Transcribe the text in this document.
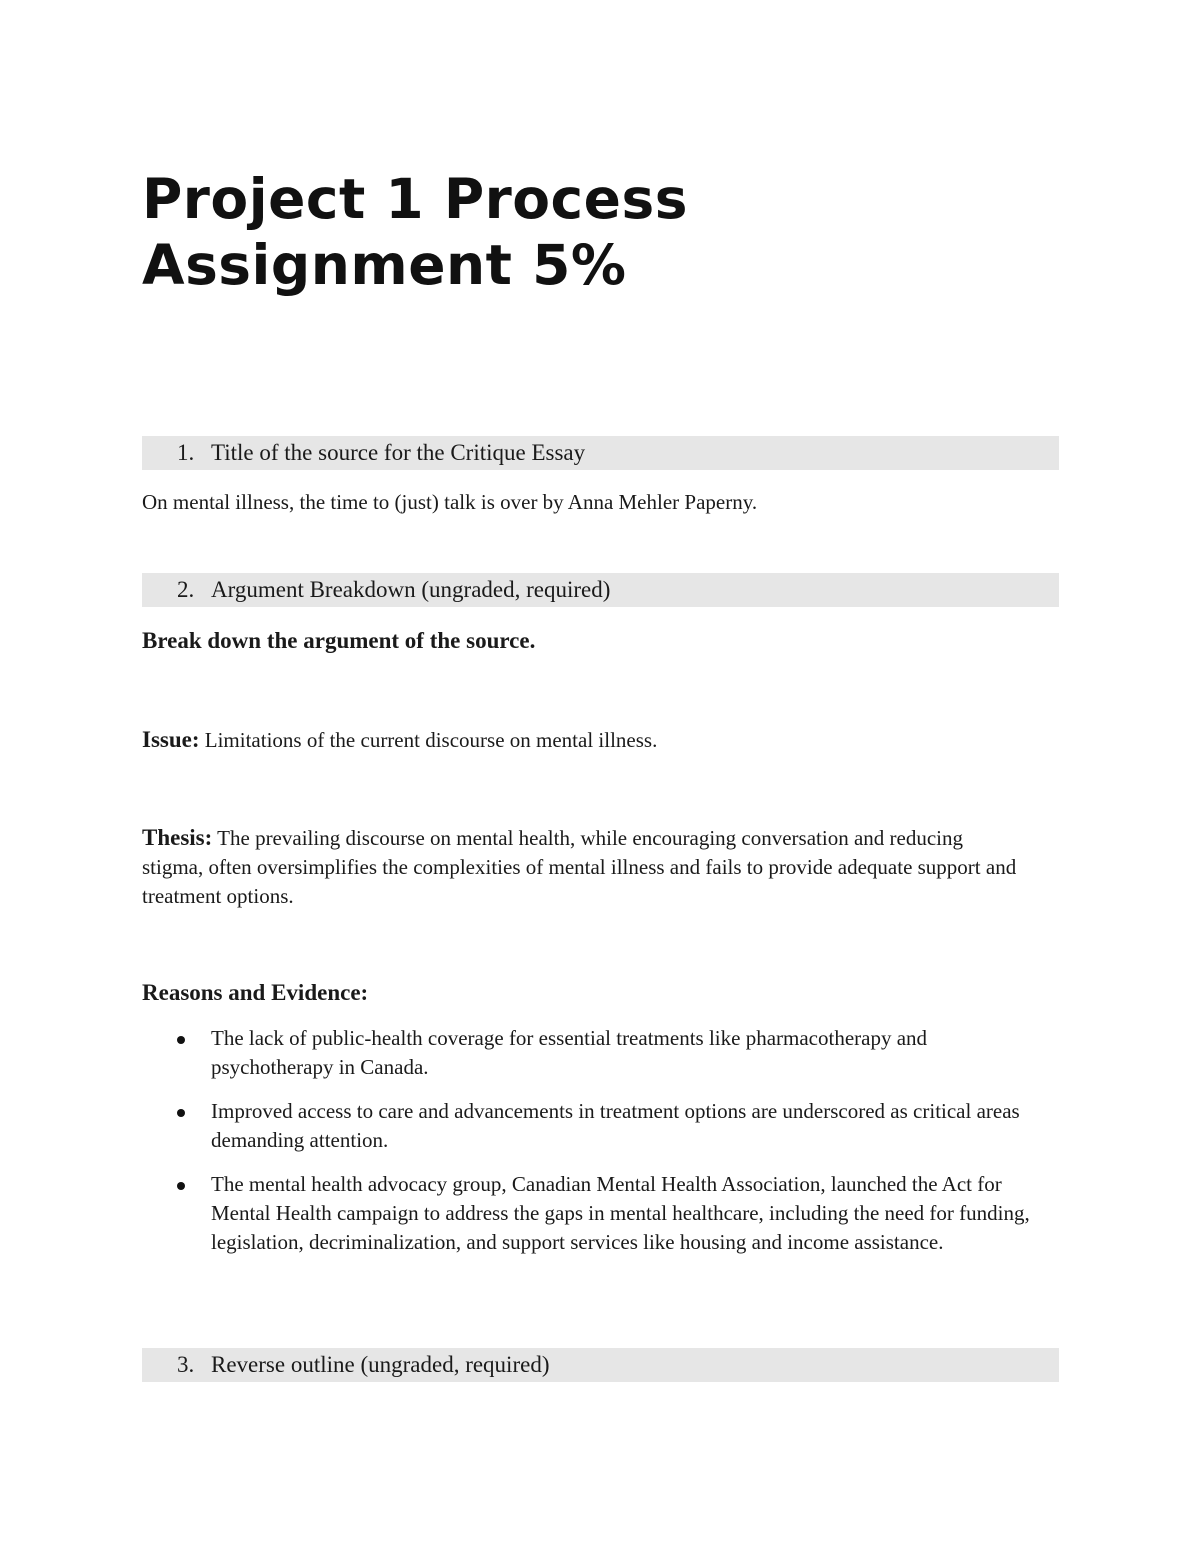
Project 1 Process
Assignment 5%
1. Title of the source for the Critique Essay

On mental illness, the time to (just) talk is over by Anna Mehler Paperny.

2. Argument Breakdown (ungraded, required)

Break down the argument of the source.

Issue: Limitations of the current discourse on mental illness.

Thesis: The prevailing discourse on mental health, while encouraging conversation and reducing stigma, often oversimplifies the complexities of mental illness and fails to provide adequate support and treatment options.

Reasons and Evidence:

The lack of public-health coverage for essential treatments like pharmacotherapy and psychotherapy in Canada.
Improved access to care and advancements in treatment options are underscored as critical areas demanding attention.
The mental health advocacy group, Canadian Mental Health Association, launched the Act for Mental Health campaign to address the gaps in mental healthcare, including the need for funding, legislation, decriminalization, and support services like housing and income assistance.
3. Reverse outline (ungraded, required)
